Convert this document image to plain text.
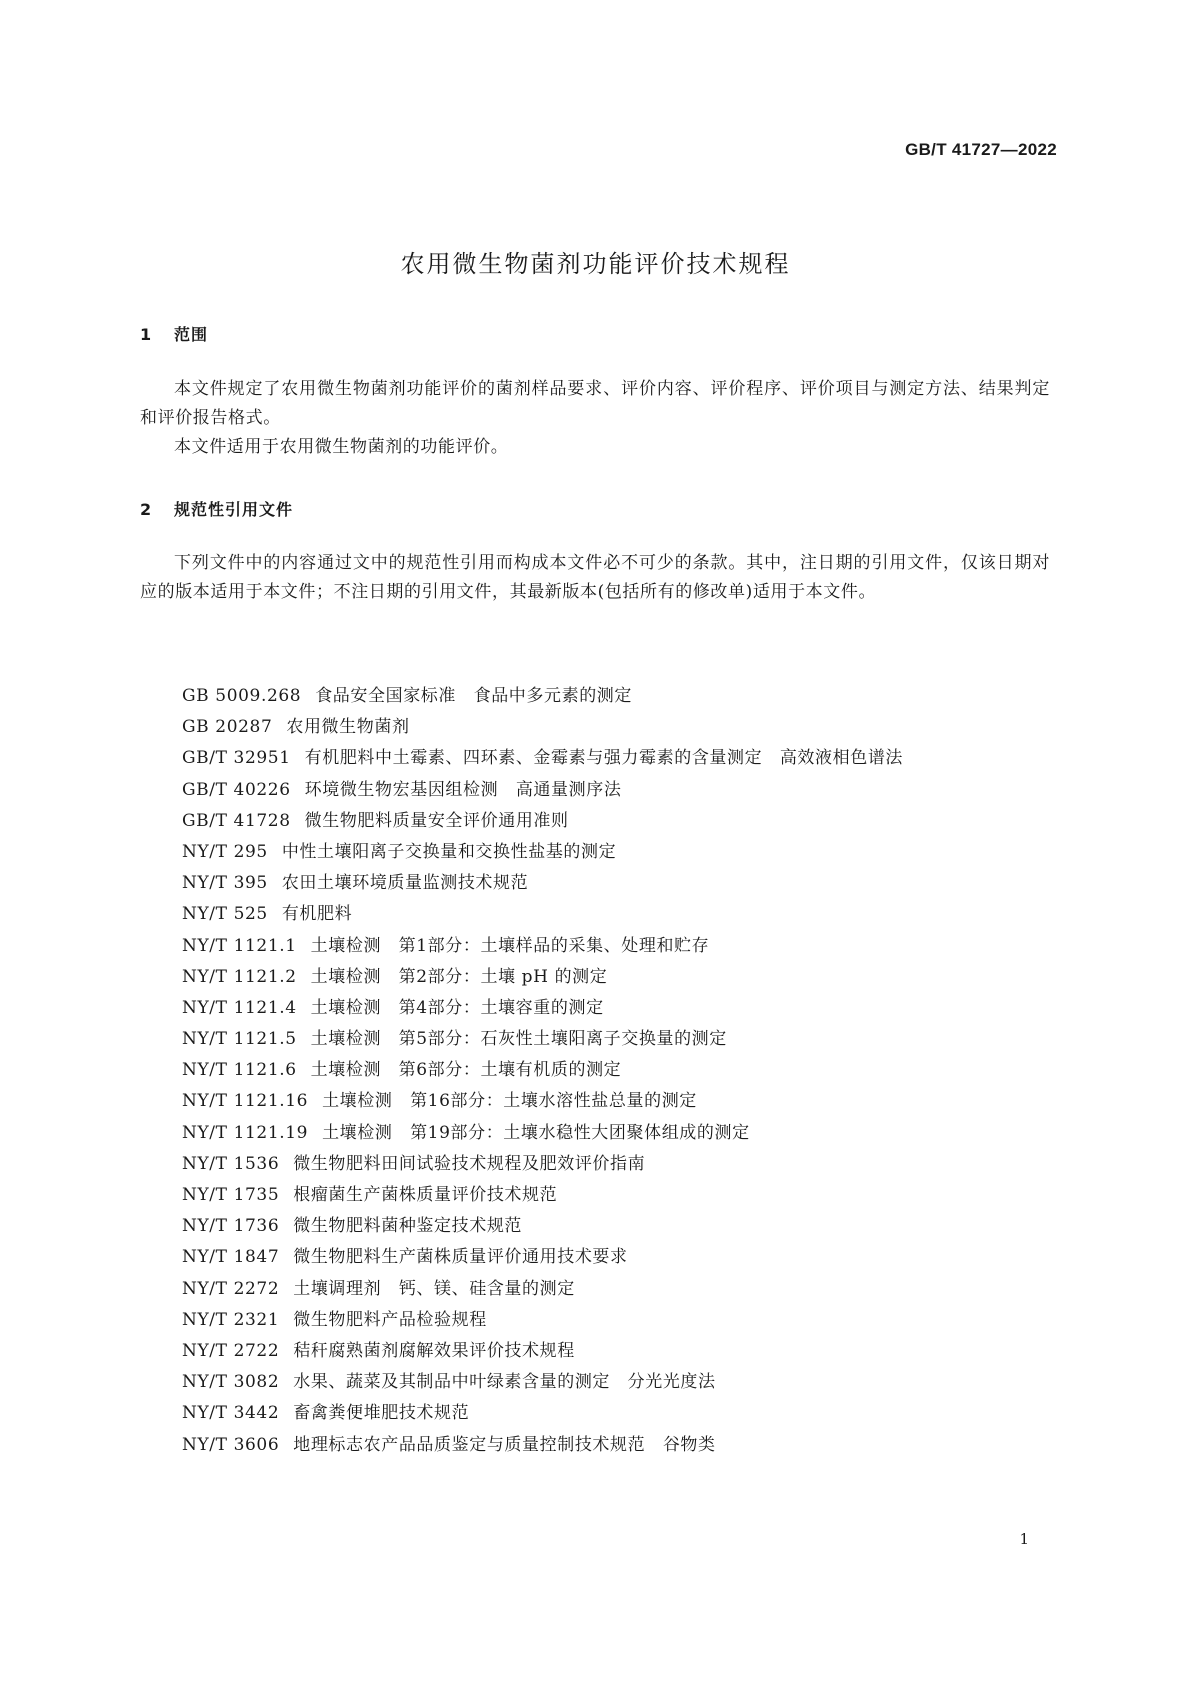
GB/T 41727—2022
农用微生物菌剂功能评价技术规程
1 范围
本文件规定了农用微生物菌剂功能评价的菌剂样品要求、评价内容、评价程序、评价项目与测定方法、结果判定和评价报告格式。
本文件适用于农用微生物菌剂的功能评价。
2 规范性引用文件
下列文件中的内容通过文中的规范性引用而构成本文件必不可少的条款。其中，注日期的引用文件，仅该日期对应的版本适用于本文件；不注日期的引用文件，其最新版本(包括所有的修改单)适用于本文件。
GB 5009.268 食品安全国家标准　食品中多元素的测定
GB 20287 农用微生物菌剂
GB/T 32951 有机肥料中土霉素、四环素、金霉素与强力霉素的含量测定　高效液相色谱法
GB/T 40226 环境微生物宏基因组检测　高通量测序法
GB/T 41728 微生物肥料质量安全评价通用准则
NY/T 295 中性土壤阳离子交换量和交换性盐基的测定
NY/T 395 农田土壤环境质量监测技术规范
NY/T 525 有机肥料
NY/T 1121.1 土壤检测　第1部分：土壤样品的采集、处理和贮存
NY/T 1121.2 土壤检测　第2部分：土壤 pH 的测定
NY/T 1121.4 土壤检测　第4部分：土壤容重的测定
NY/T 1121.5 土壤检测　第5部分：石灰性土壤阳离子交换量的测定
NY/T 1121.6 土壤检测　第6部分：土壤有机质的测定
NY/T 1121.16 土壤检测　第16部分：土壤水溶性盐总量的测定
NY/T 1121.19 土壤检测　第19部分：土壤水稳性大团聚体组成的测定
NY/T 1536 微生物肥料田间试验技术规程及肥效评价指南
NY/T 1735 根瘤菌生产菌株质量评价技术规范
NY/T 1736 微生物肥料菌种鉴定技术规范
NY/T 1847 微生物肥料生产菌株质量评价通用技术要求
NY/T 2272 土壤调理剂　钙、镁、硅含量的测定
NY/T 2321 微生物肥料产品检验规程
NY/T 2722 秸秆腐熟菌剂腐解效果评价技术规程
NY/T 3082 水果、蔬菜及其制品中叶绿素含量的测定　分光光度法
NY/T 3442 畜禽粪便堆肥技术规范
NY/T 3606 地理标志农产品品质鉴定与质量控制技术规范　谷物类
1
